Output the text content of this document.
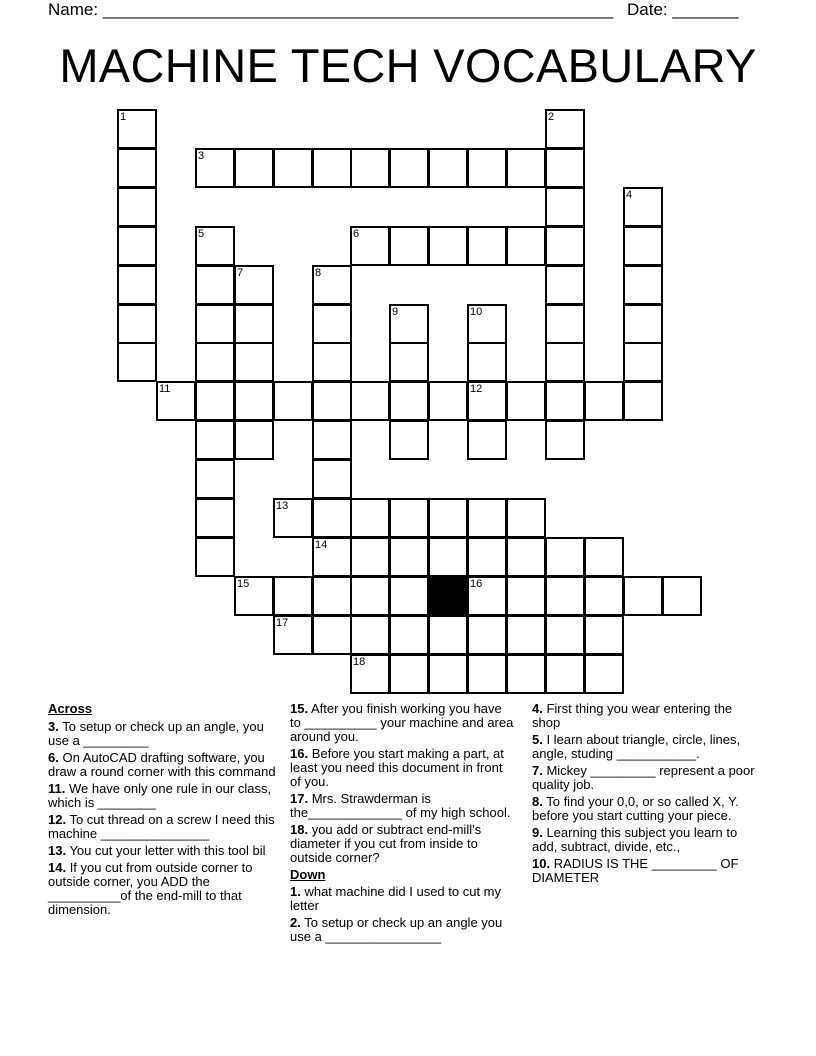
Name: ______________________________________________________ Date: _______
MACHINE TECH VOCABULARY
1	2
3
4
5	6
7	8
9	10
11	12
13
14
15	16
17
18
Across
3. To setup or check up an angle, you use a _________
6. On AutoCAD drafting software, you draw a round corner with this command
11. We have only one rule in our class, which is ________
12. To cut thread on a screw I need this machine _______________
13. You cut your letter with this tool bil
14. If you cut from outside corner to outside corner, you ADD the __________of the end-mill to that dimension.
15. After you finish working you have to __________ your machine and area around you.
16. Before you start making a part, at least you need this document in front of you.
17. Mrs. Strawderman is the_____________ of my high school.
18. you add or subtract end-mill's diameter if you cut from inside to outside corner?
Down
1. what machine did I used to cut my letter
2. To setup or check up an angle you use a ________________
4. First thing you wear entering the shop
5. I learn about triangle, circle, lines, angle, studing ___________.
7. Mickey _________ represent a poor quality job.
8. To find your 0,0, or so called X, Y. before you start cutting your piece.
9. Learning this subject you learn to add, subtract, divide, etc.,
10. RADIUS IS THE _________ OF DIAMETER
